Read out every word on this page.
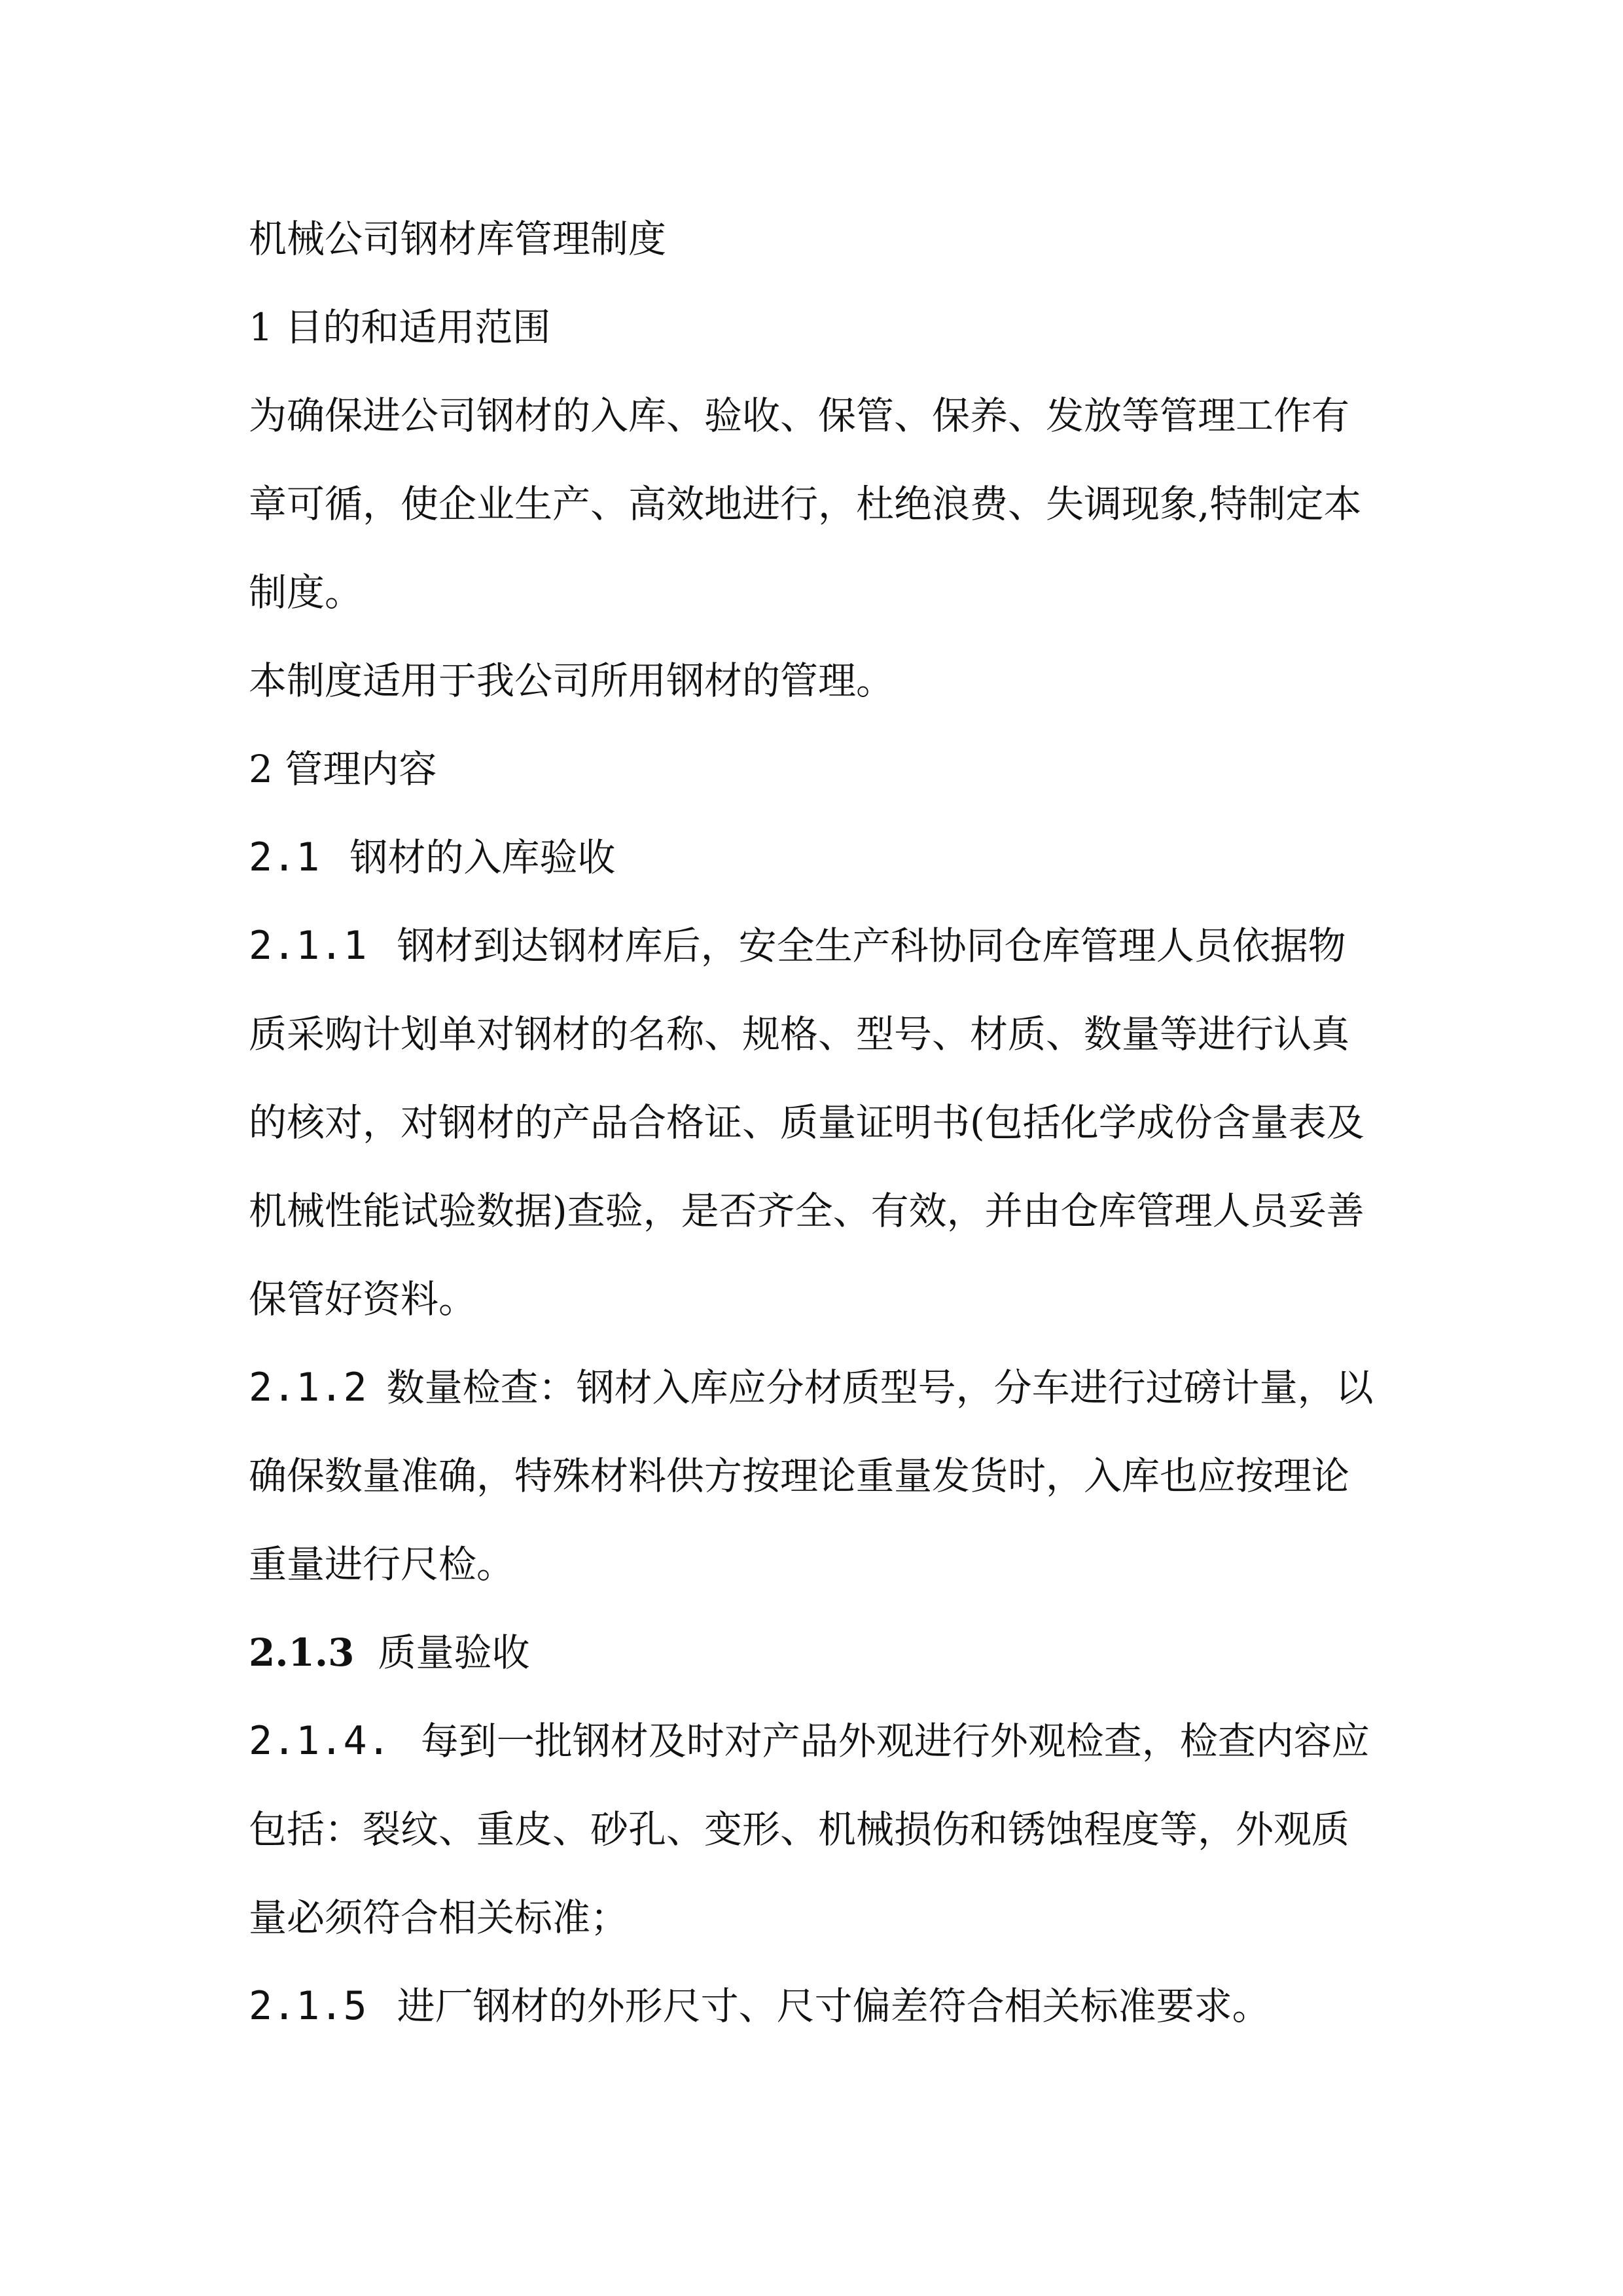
机械公司钢材库管理制度
1 目的和适用范围
为确保进公司钢材的入库、验收、保管、保养、发放等管理工作有
章可循，使企业生产、高效地进行，杜绝浪费、失调现象,特制定本
制度。
本制度适用于我公司所用钢材的管理。
2 管理内容
2.1 钢材的入库验收
2.1.1 钢材到达钢材库后，安全生产科协同仓库管理人员依据物
质采购计划单对钢材的名称、规格、型号、材质、数量等进行认真
的核对，对钢材的产品合格证、质量证明书(包括化学成份含量表及
机械性能试验数据)查验，是否齐全、有效，并由仓库管理人员妥善
保管好资料。
2.1.2 数量检查：钢材入库应分材质型号，分车进行过磅计量，以
确保数量准确，特殊材料供方按理论重量发货时，入库也应按理论
重量进行尺检。
2.1.3 质量验收
2.1.4. 每到一批钢材及时对产品外观进行外观检查，检查内容应
包括：裂纹、重皮、砂孔、变形、机械损伤和锈蚀程度等，外观质
量必须符合相关标准；
2.1.5 进厂钢材的外形尺寸、尺寸偏差符合相关标准要求。
